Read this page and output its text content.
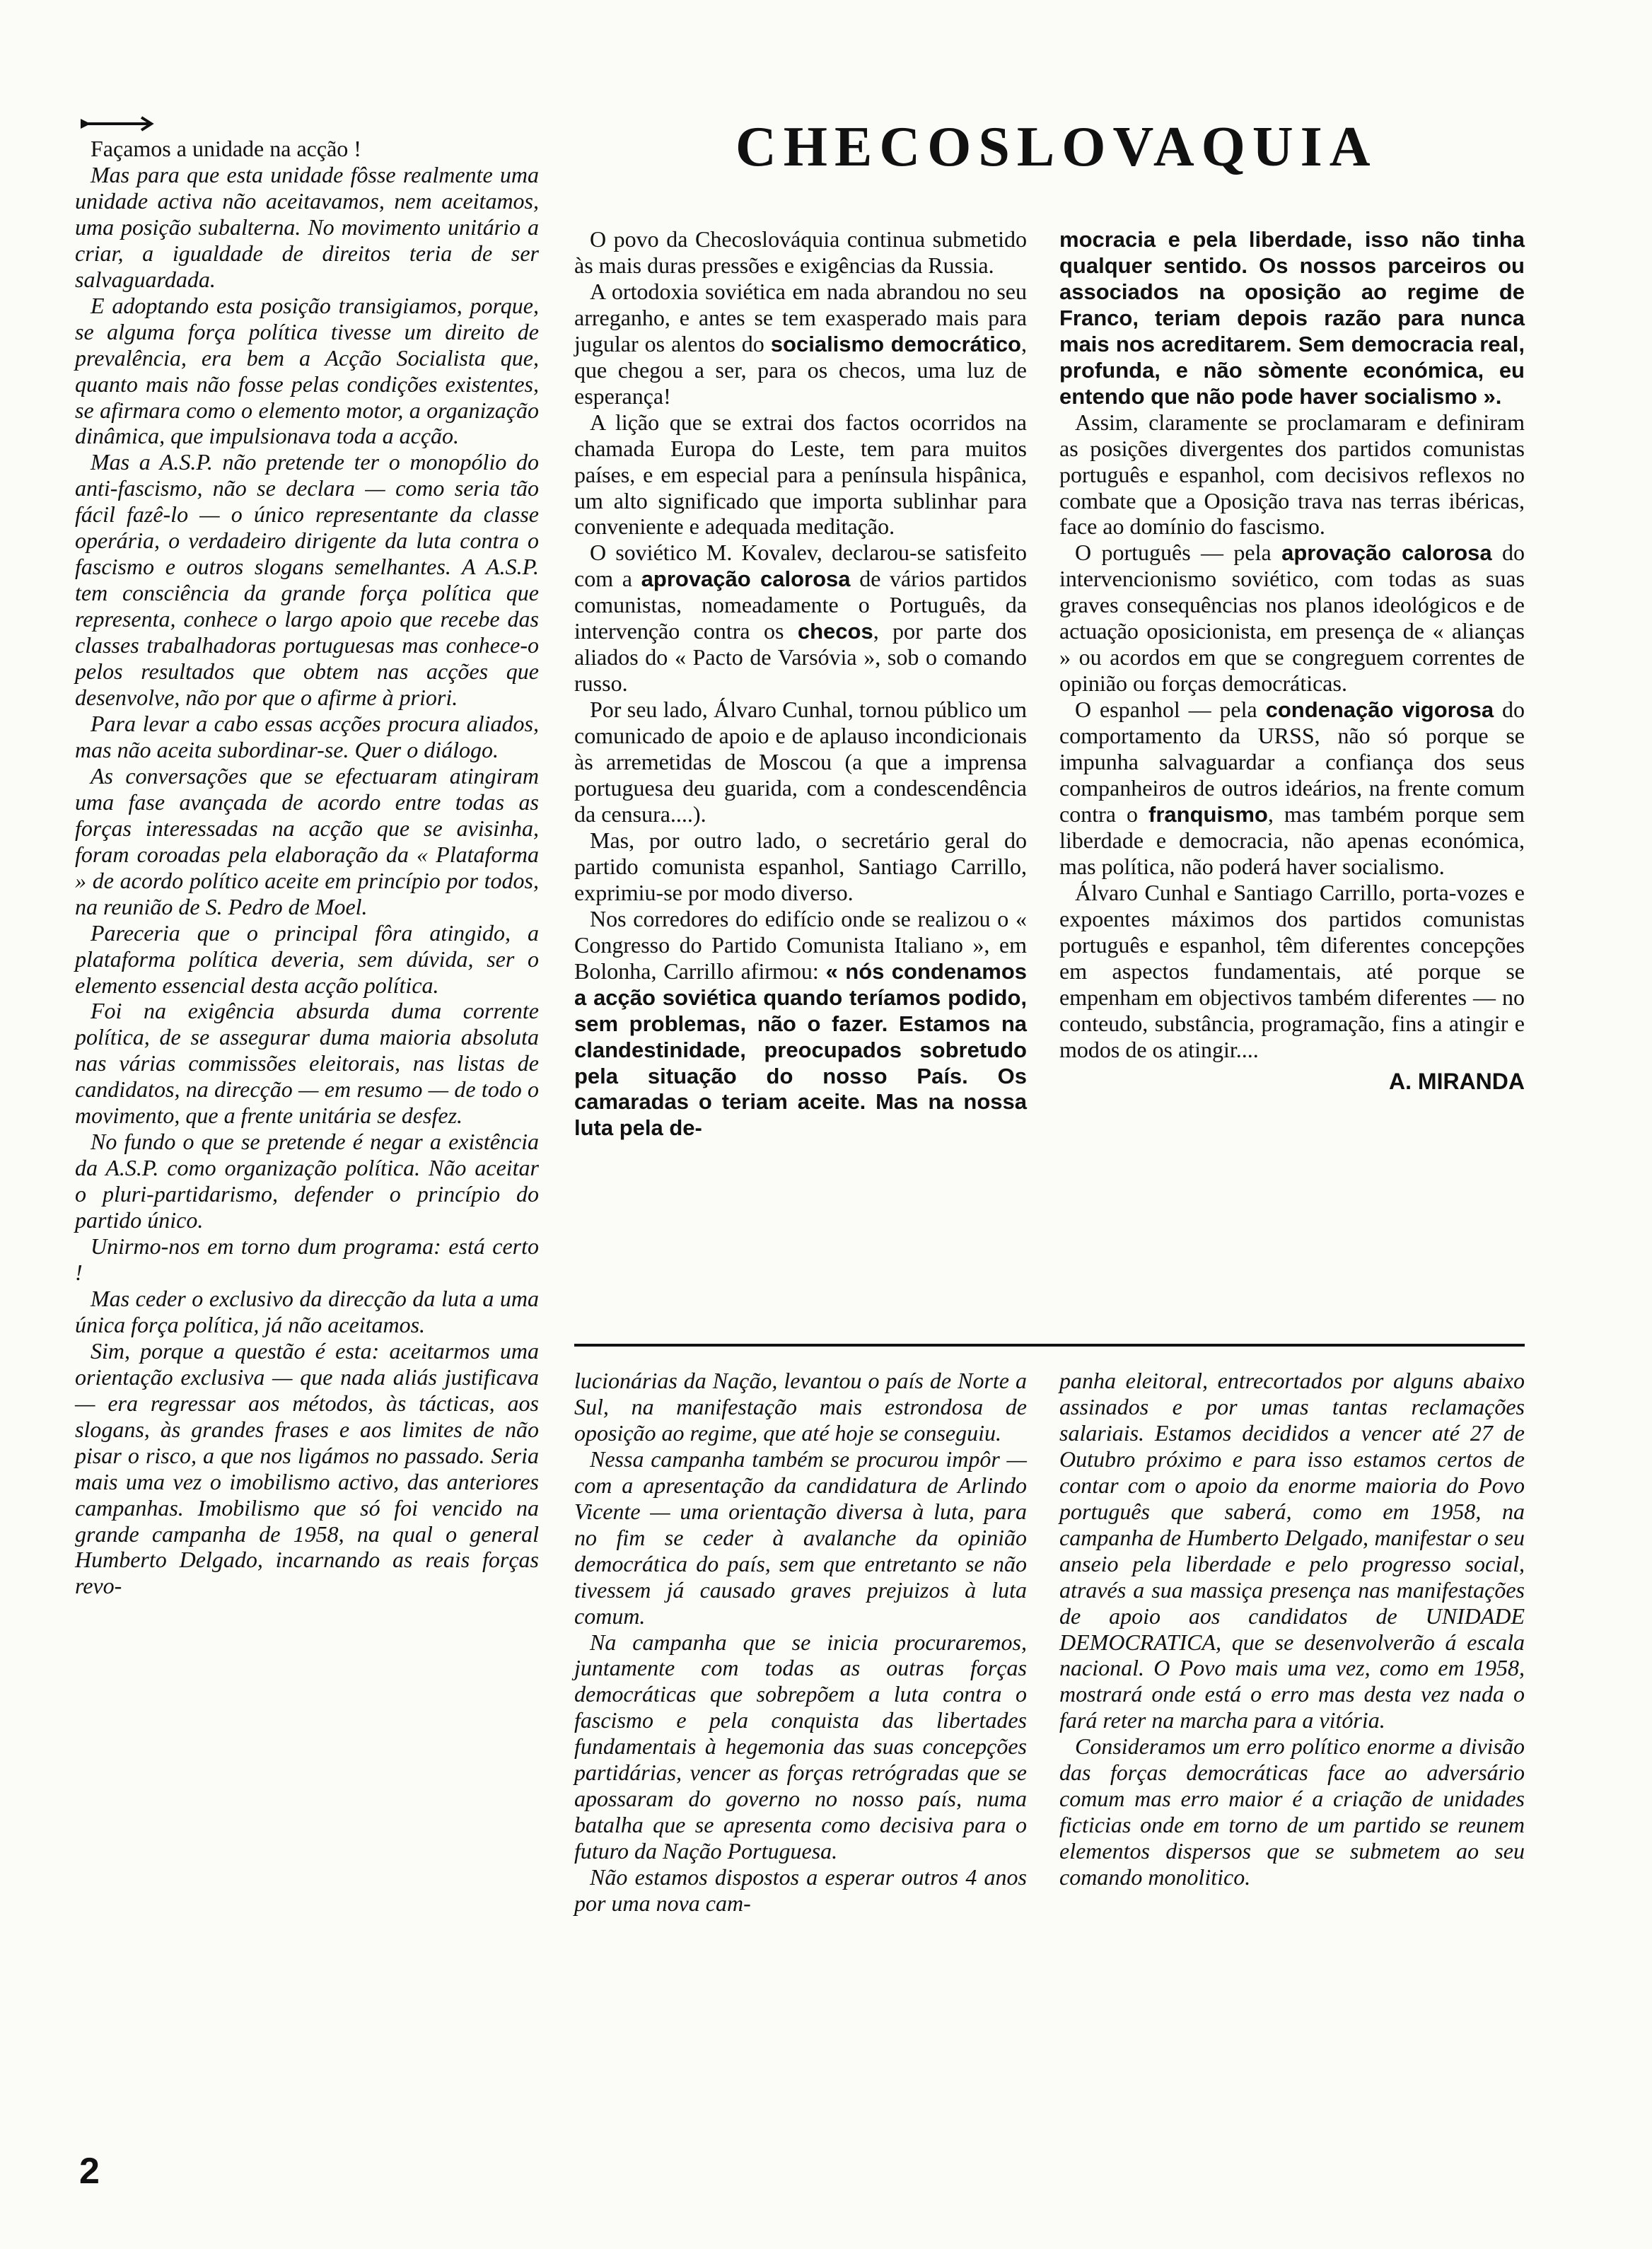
CHECOSLOVAQUIA

Façamos a unidade na acção !

Mas para que esta unidade fôsse realmente uma unidade activa não aceitavamos, nem aceitamos, uma posição subalterna. No movimento unitário a criar, a igualdade de direitos teria de ser salvaguardada.

E adoptando esta posição transigiamos, porque, se alguma força política tivesse um direito de prevalência, era bem a Acção Socialista que, quanto mais não fosse pelas condições existentes, se afirmara como o elemento motor, a organização dinâmica, que impulsionava toda a acção.

Mas a A.S.P. não pretende ter o monopólio do anti-fascismo, não se declara — como seria tão fácil fazê-lo — o único representante da classe operária, o verdadeiro dirigente da luta contra o fascismo e outros slogans semelhantes. A A.S.P. tem consciência da grande força política que representa, conhece o largo apoio que recebe das classes trabalhadoras portuguesas mas conhece-o pelos resultados que obtem nas acções que desenvolve, não por que o afirme à priori.

Para levar a cabo essas acções procura aliados, mas não aceita subordinar-se. Quer o diálogo.

As conversações que se efectuaram atingiram uma fase avançada de acordo entre todas as forças interessadas na acção que se avisinha, foram coroadas pela elaboração da « Plataforma » de acordo político aceite em princípio por todos, na reunião de S. Pedro de Moel.

Pareceria que o principal fôra atingido, a plataforma política deveria, sem dúvida, ser o elemento essencial desta acção política.

Foi na exigência absurda duma corrente política, de se assegurar duma maioria absoluta nas várias commissões eleitorais, nas listas de candidatos, na direcção — em resumo — de todo o movimento, que a frente unitária se desfez.

No fundo o que se pretende é negar a existência da A.S.P. como organização política. Não aceitar o pluri-partidarismo, defender o princípio do partido único.

Unirmo-nos em torno dum programa: está certo !

Mas ceder o exclusivo da direcção da luta a uma única força política, já não aceitamos.

Sim, porque a questão é esta: aceitarmos uma orientação exclusiva — que nada aliás justificava — era regressar aos métodos, às tácticas, aos slogans, às grandes frases e aos limites de não pisar o risco, a que nos ligámos no passado. Seria mais uma vez o imobilismo activo, das anteriores campanhas. Imobilismo que só foi vencido na grande campanha de 1958, na qual o general Humberto Delgado, incarnando as reais forças revo-

O povo da Checoslováquia continua submetido às mais duras pressões e exigências da Russia.

A ortodoxia soviética em nada abrandou no seu arreganho, e antes se tem exasperado mais para jugular os alentos do socialismo democrático, que chegou a ser, para os checos, uma luz de esperança!

A lição que se extrai dos factos ocorridos na chamada Europa do Leste, tem para muitos países, e em especial para a península hispânica, um alto significado que importa sublinhar para conveniente e adequada meditação.

O soviético M. Kovalev, declarou-se satisfeito com a aprovação calorosa de vários partidos comunistas, nomeadamente o Português, da intervenção contra os checos, por parte dos aliados do « Pacto de Varsóvia », sob o comando russo.

Por seu lado, Álvaro Cunhal, tornou público um comunicado de apoio e de aplauso incondicionais às arremetidas de Moscou (a que a imprensa portuguesa deu guarida, com a condescendência da censura....).

Mas, por outro lado, o secretário geral do partido comunista espanhol, Santiago Carrillo, exprimiu-se por modo diverso.

Nos corredores do edifício onde se realizou o « Congresso do Partido Comunista Italiano », em Bolonha, Carrillo afirmou: « nós condenamos a acção soviética quando teríamos podido, sem problemas, não o fazer. Estamos na clandestinidade, preocupados sobretudo pela situação do nosso País. Os camaradas o teriam aceite. Mas na nossa luta pela de-

mocracia e pela liberdade, isso não tinha qualquer sentido. Os nossos parceiros ou associados na oposição ao regime de Franco, teriam depois razão para nunca mais nos acreditarem. Sem democracia real, profunda, e não sòmente económica, eu entendo que não pode haver socialismo ».

Assim, claramente se proclamaram e definiram as posições divergentes dos partidos comunistas português e espanhol, com decisivos reflexos no combate que a Oposição trava nas terras ibéricas, face ao domínio do fascismo.

O português — pela aprovação calorosa do intervencionismo soviético, com todas as suas graves consequências nos planos ideológicos e de actuação oposicionista, em presença de « alianças » ou acordos em que se congreguem correntes de opinião ou forças democráticas.

O espanhol — pela condenação vigorosa do comportamento da URSS, não só porque se impunha salvaguardar a confiança dos seus companheiros de outros ideários, na frente comum contra o franquismo, mas também porque sem liberdade e democracia, não apenas económica, mas política, não poderá haver socialismo.

Álvaro Cunhal e Santiago Carrillo, porta-vozes e expoentes máximos dos partidos comunistas português e espanhol, têm diferentes concepções em aspectos fundamentais, até porque se empenham em objectivos também diferentes — no conteudo, substância, programação, fins a atingir e modos de os atingir....

A. MIRANDA

lucionárias da Nação, levantou o país de Norte a Sul, na manifestação mais estrondosa de oposição ao regime, que até hoje se conseguiu.

Nessa campanha também se procurou impôr — com a apresentação da candidatura de Arlindo Vicente — uma orientação diversa à luta, para no fim se ceder à avalanche da opinião democrática do país, sem que entretanto se não tivessem já causado graves prejuizos à luta comum.

Na campanha que se inicia procuraremos, juntamente com todas as outras forças democráticas que sobrepõem a luta contra o fascismo e pela conquista das libertades fundamentais à hegemonia das suas concepções partidárias, vencer as forças retrógradas que se apossaram do governo no nosso país, numa batalha que se apresenta como decisiva para o futuro da Nação Portuguesa.

Não estamos dispostos a esperar outros 4 anos por uma nova cam-

panha eleitoral, entrecortados por alguns abaixo assinados e por umas tantas reclamações salariais. Estamos decididos a vencer até 27 de Outubro próximo e para isso estamos certos de contar com o apoio da enorme maioria do Povo português que saberá, como em 1958, na campanha de Humberto Delgado, manifestar o seu anseio pela liberdade e pelo progresso social, através a sua massiça presença nas manifestações de apoio aos candidatos de UNIDADE DEMOCRATICA, que se desenvolverão á escala nacional. O Povo mais uma vez, como em 1958, mostrará onde está o erro mas desta vez nada o fará reter na marcha para a vitória.

Consideramos um erro político enorme a divisão das forças democráticas face ao adversário comum mas erro maior é a criação de unidades ficticias onde em torno de um partido se reunem elementos dispersos que se submetem ao seu comando monolitico.

2
